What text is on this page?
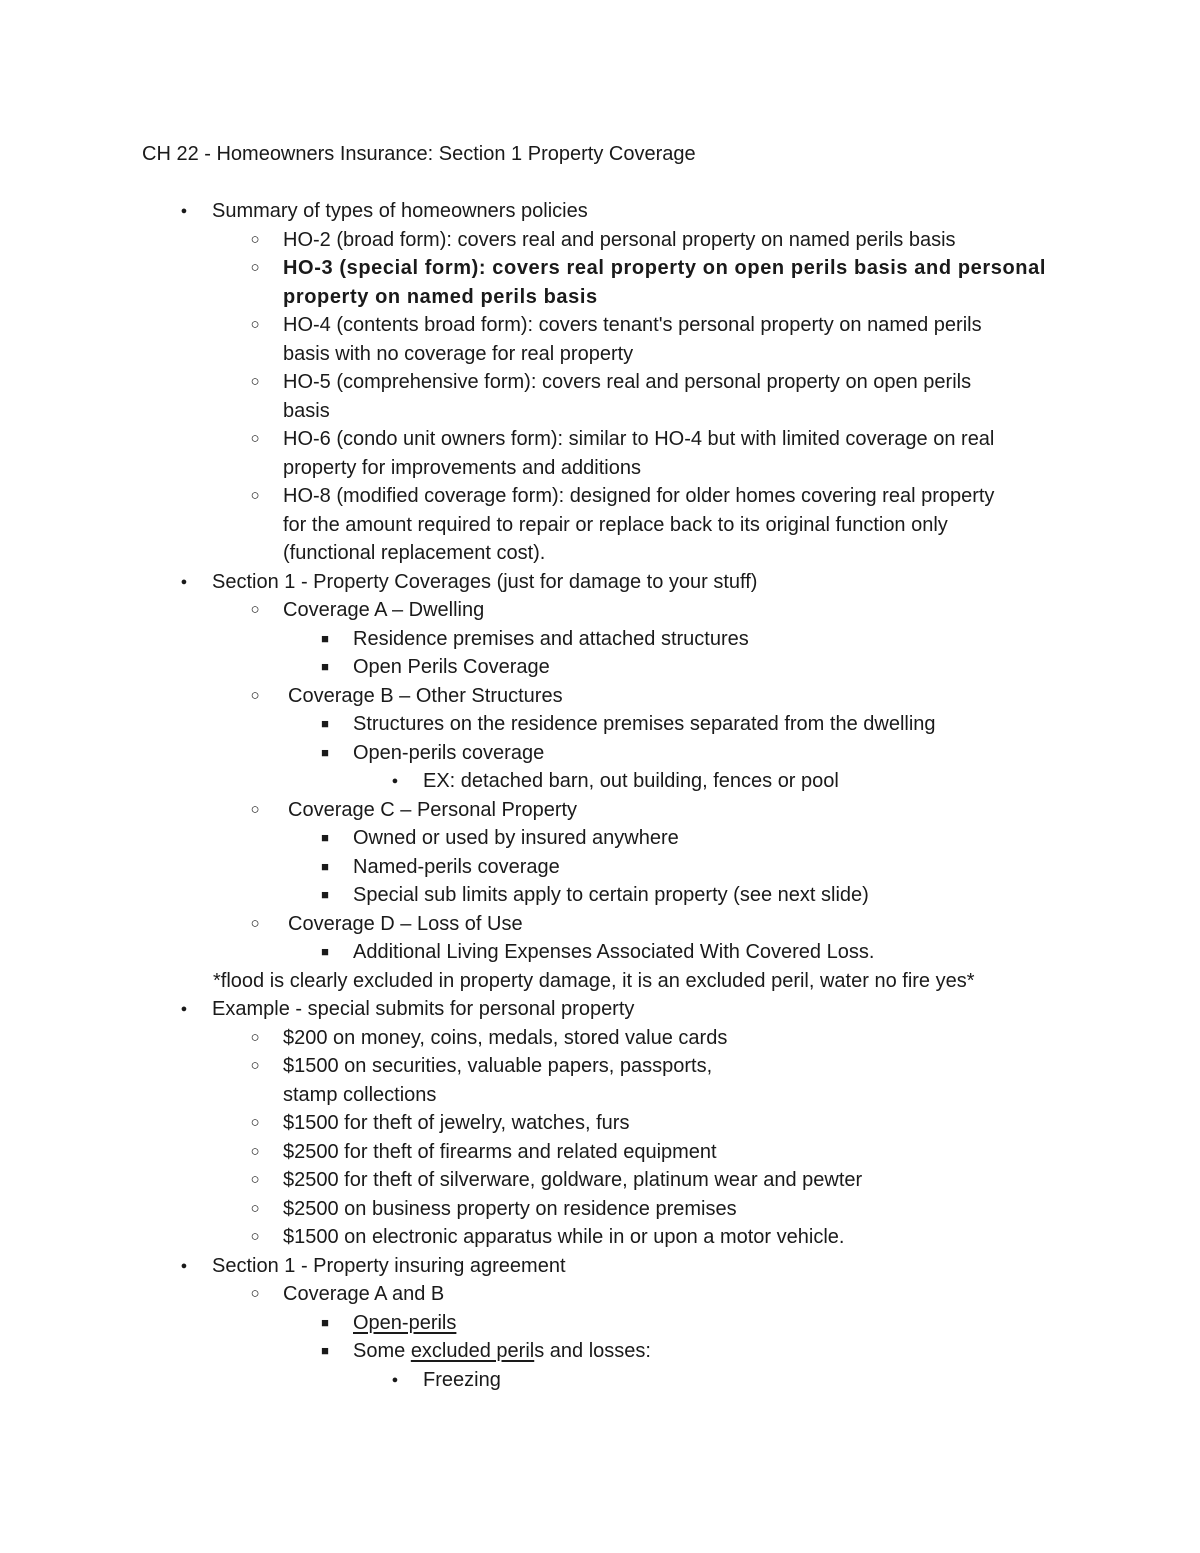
CH 22 - Homeowners Insurance: Section 1 Property Coverage
● Summary of types of homeowners policies
○ HO-2 (broad form): covers real and personal property on named perils basis
○ HO-3 (special form): covers real property on open perils basis and personal
property on named perils basis
○ HO-4 (contents broad form): covers tenant's personal property on named perils
basis with no coverage for real property
○ HO-5 (comprehensive form): covers real and personal property on open perils
basis
○ HO-6 (condo unit owners form): similar to HO-4 but with limited coverage on real
property for improvements and additions
○ HO-8 (modified coverage form): designed for older homes covering real property
for the amount required to repair or replace back to its original function only
(functional replacement cost).
● Section 1 - Property Coverages (just for damage to your stuff)
○ Coverage A – Dwelling
■ Residence premises and attached structures
■ Open Perils Coverage
○ Coverage B – Other Structures
■ Structures on the residence premises separated from the dwelling
■ Open-perils coverage
● EX: detached barn, out building, fences or pool
○ Coverage C – Personal Property
■ Owned or used by insured anywhere
■ Named-perils coverage
■ Special sub limits apply to certain property (see next slide)
○ Coverage D – Loss of Use
■ Additional Living Expenses Associated With Covered Loss.
*flood is clearly excluded in property damage, it is an excluded peril, water no fire yes*
● Example - special submits for personal property
○ $200 on money, coins, medals, stored value cards
○ $1500 on securities, valuable papers, passports,
stamp collections
○ $1500 for theft of jewelry, watches, furs
○ $2500 for theft of firearms and related equipment
○ $2500 for theft of silverware, goldware, platinum wear and pewter
○ $2500 on business property on residence premises
○ $1500 on electronic apparatus while in or upon a motor vehicle.
● Section 1 - Property insuring agreement
○ Coverage A and B
■ Open-perils
■ Some excluded perils and losses:
● Freezing
